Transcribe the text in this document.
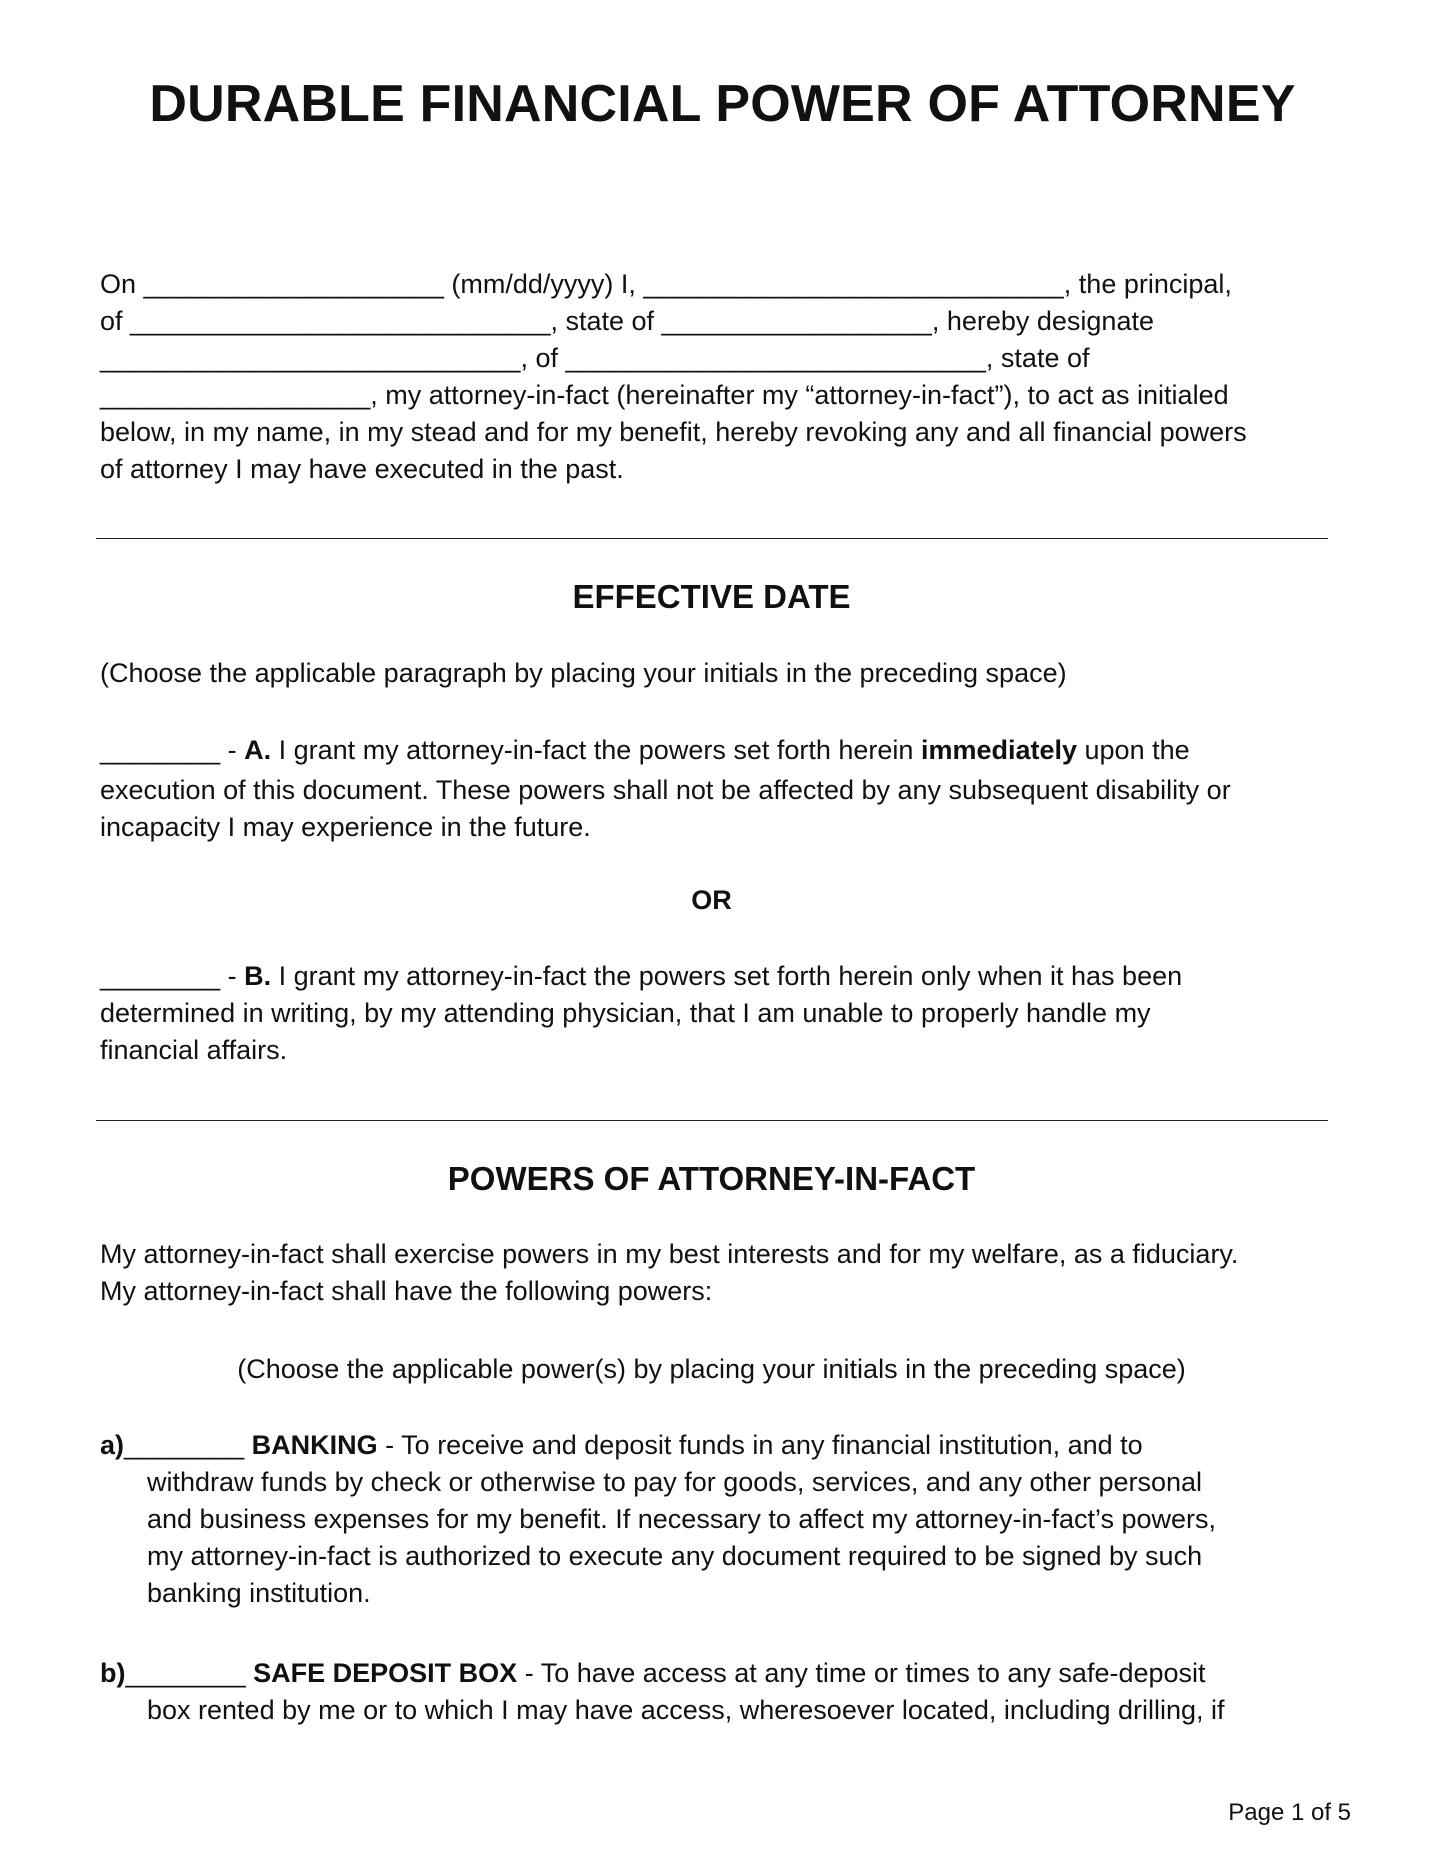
DURABLE FINANCIAL POWER OF ATTORNEY
On ____________________ (mm/dd/yyyy) I, ____________________________, the principal,
of ____________________________, state of __________________, hereby designate
____________________________, of ____________________________, state of
__________________, my attorney-in-fact (hereinafter my “attorney-in-fact”), to act as initialed
below, in my name, in my stead and for my benefit, hereby revoking any and all financial powers
of attorney I may have executed in the past.
EFFECTIVE DATE
(Choose the applicable paragraph by placing your initials in the preceding space)
________ - A. I grant my attorney-in-fact the powers set forth herein immediately upon the
execution of this document. These powers shall not be affected by any subsequent disability or
incapacity I may experience in the future.
OR
________ - B. I grant my attorney-in-fact the powers set forth herein only when it has been
determined in writing, by my attending physician, that I am unable to properly handle my
financial affairs.
POWERS OF ATTORNEY-IN-FACT
My attorney-in-fact shall exercise powers in my best interests and for my welfare, as a fiduciary.
My attorney-in-fact shall have the following powers:
(Choose the applicable power(s) by placing your initials in the preceding space)
a)________ BANKING - To receive and deposit funds in any financial institution, and to
withdraw funds by check or otherwise to pay for goods, services, and any other personal
and business expenses for my benefit. If necessary to affect my attorney-in-fact’s powers,
my attorney-in-fact is authorized to execute any document required to be signed by such
banking institution.
b)________ SAFE DEPOSIT BOX - To have access at any time or times to any safe-deposit
box rented by me or to which I may have access, wheresoever located, including drilling, if
Page 1 of 5
